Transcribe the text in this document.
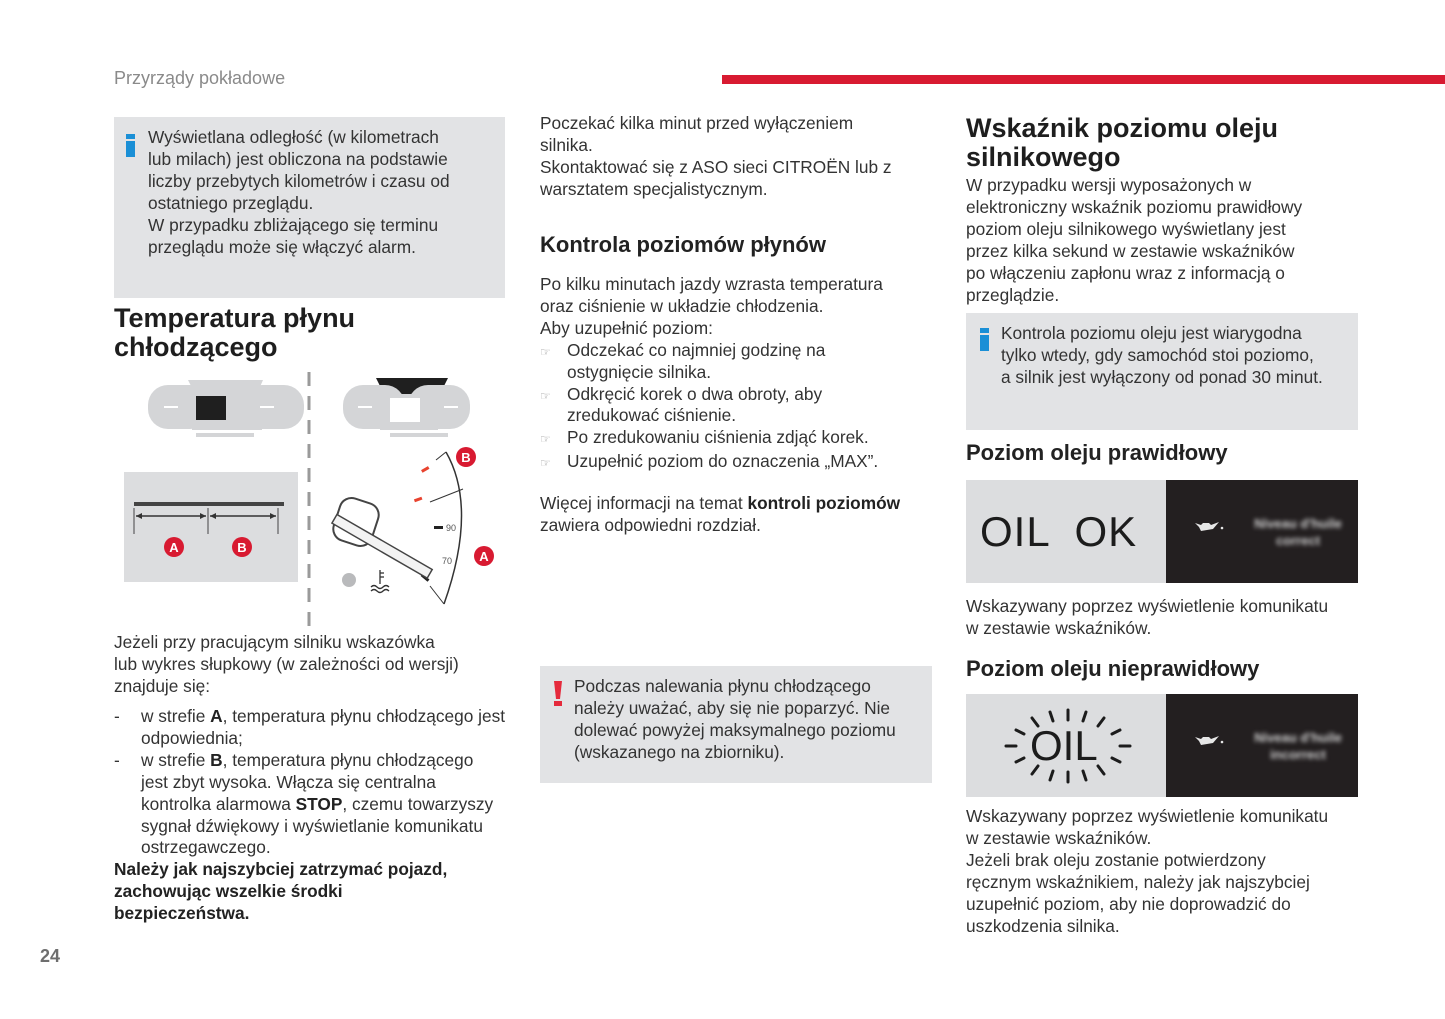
Przyrządy pokładowe
Wyświetlana odległość (w kilometrach
lub milach) jest obliczona na podstawie
liczby przebytych kilometrów i czasu od
ostatniego przeglądu.
W przypadku zbliżającego się terminu
przeglądu może się włączyć alarm.
Temperatura płynu
chłodzącego
A	B
90
70
B
A
Jeżeli przy pracującym silniku wskazówka
lub wykres słupkowy (w zależności od wersji)
znajduje się:
-	w strefie A, temperatura płynu chłodzącego jest odpowiednia;
-	w strefie B, temperatura płynu chłodzącego jest zbyt wysoka. Włącza się centralna kontrolka alarmowa STOP, czemu towarzyszy sygnał dźwiękowy i wyświetlanie komunikatu ostrzegawczego.
Należy jak najszybciej zatrzymać pojazd, zachowując wszelkie środki bezpieczeństwa.
Poczekać kilka minut przed wyłączeniem
silnika.
Skontaktować się z ASO sieci CITROËN lub z
warsztatem specjalistycznym.
Kontrola poziomów płynów
Po kilku minutach jazdy wzrasta temperatura
oraz ciśnienie w układzie chłodzenia.
Aby uzupełnić poziom:
☞ Odczekać co najmniej godzinę na ostygnięcie silnika.
☞ Odkręcić korek o dwa obroty, aby zredukować ciśnienie.
☞ Po zredukowaniu ciśnienia zdjąć korek.
☞ Uzupełnić poziom do oznaczenia „MAX”.
Więcej informacji na temat kontroli poziomów
zawiera odpowiedni rozdział.
Podczas nalewania płynu chłodzącego
należy uważać, aby się nie poparzyć. Nie
dolewać powyżej maksymalnego poziomu
(wskazanego na zbiorniku).
Wskaźnik poziomu oleju
silnikowego
W przypadku wersji wyposażonych w
elektroniczny wskaźnik poziomu prawidłowy
poziom oleju silnikowego wyświetlany jest
przez kilka sekund w zestawie wskaźników
po włączeniu zapłonu wraz z informacją o
przeglądzie.
Kontrola poziomu oleju jest wiarygodna
tylko wtedy, gdy samochód stoi poziomo,
a silnik jest wyłączony od ponad 30 minut.
Poziom oleju prawidłowy
OIL  OK	Niveau d'huile
correct
Wskazywany poprzez wyświetlenie komunikatu
w zestawie wskaźników.
Poziom oleju nieprawidłowy
OIL	Niveau d'huile
incorrect
Wskazywany poprzez wyświetlenie komunikatu
w zestawie wskaźników.
Jeżeli brak oleju zostanie potwierdzony
ręcznym wskaźnikiem, należy jak najszybciej
uzupełnić poziom, aby nie doprowadzić do
uszkodzenia silnika.
24
